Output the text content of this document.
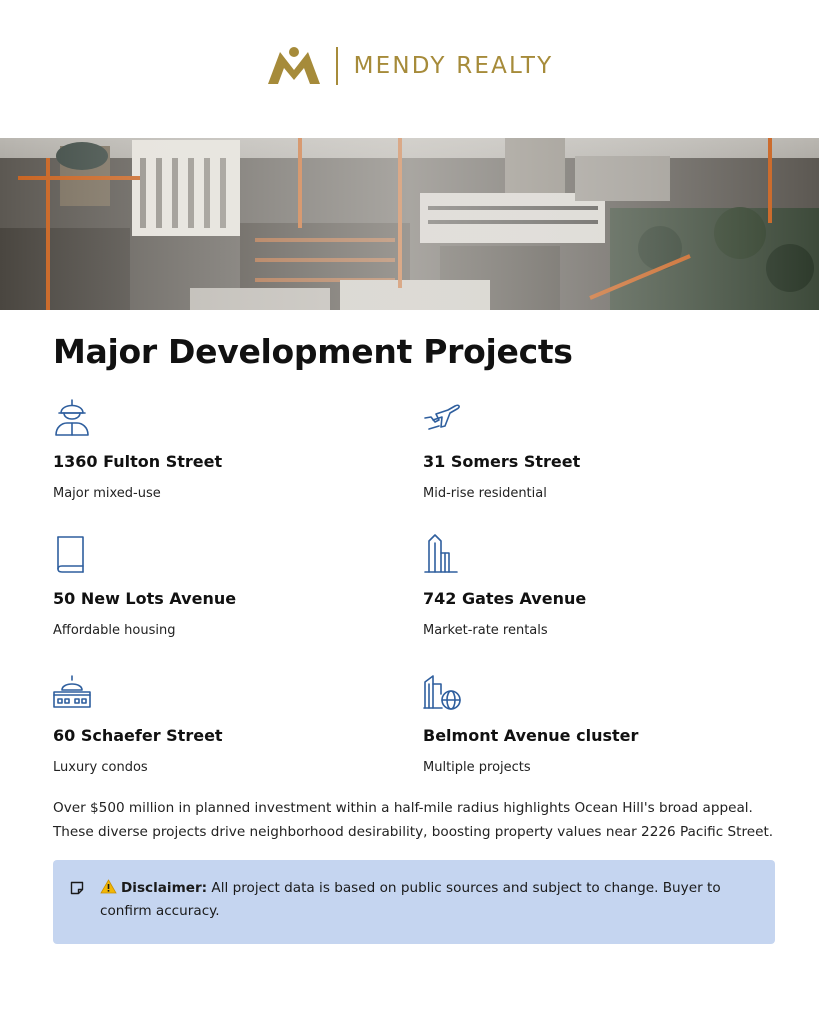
MENDY REALTY
Major Development Projects
1360 Fulton Street
Major mixed-use
31 Somers Street
Mid-rise residential
50 New Lots Avenue
Affordable housing
742 Gates Avenue
Market-rate rentals
60 Schaefer Street
Luxury condos
Belmont Avenue cluster
Multiple projects

Over $500 million in planned investment within a half-mile radius highlights Ocean Hill's broad appeal. These diverse projects drive neighborhood desirability, boosting property values near 2226 Pacific Street.

Disclaimer: All project data is based on public sources and subject to change. Buyer to confirm accuracy.
